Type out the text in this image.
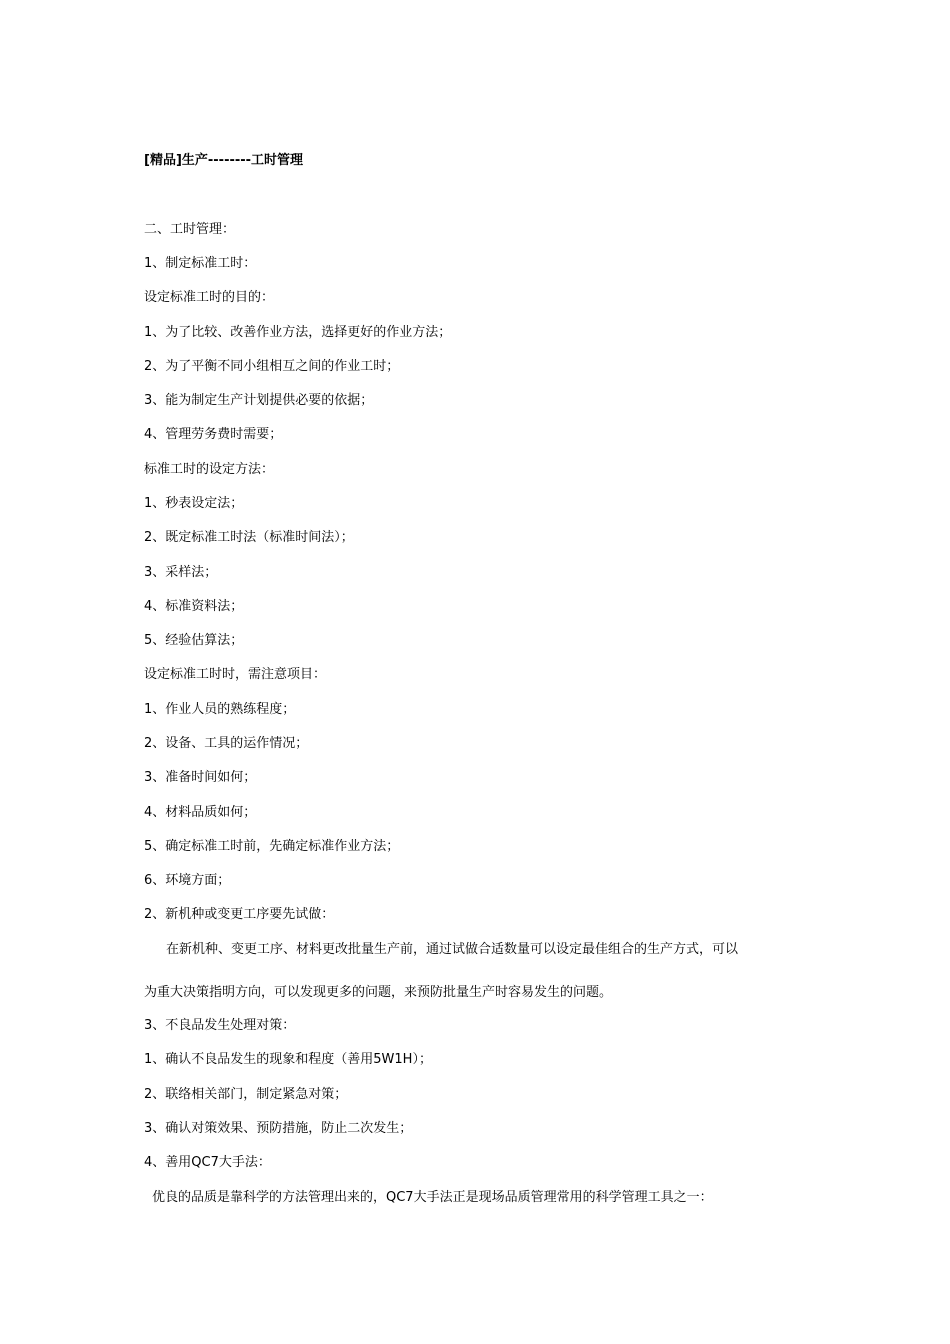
[精品]生产--------工时管理
二、工时管理：
1、制定标准工时：
设定标准工时的目的：
1、为了比较、改善作业方法，选择更好的作业方法；
2、为了平衡不同小组相互之间的作业工时；
3、能为制定生产计划提供必要的依据；
4、管理劳务费时需要；
标准工时的设定方法：
1、秒表设定法；
2、既定标准工时法（标准时间法）；
3、采样法；
4、标准资料法；
5、经验估算法；
设定标准工时时，需注意项目：
1、作业人员的熟练程度；
2、设备、工具的运作情况；
3、准备时间如何；
4、材料品质如何；
5、确定标准工时前，先确定标准作业方法；
6、环境方面；
2、新机种或变更工序要先试做：
在新机种、变更工序、材料更改批量生产前，通过试做合适数量可以设定最佳组合的生产方式，可以
为重大决策指明方向，可以发现更多的问题，来预防批量生产时容易发生的问题。
3、不良品发生处理对策：
1、确认不良品发生的现象和程度（善用5W1H）；
2、联络相关部门，制定紧急对策；
3、确认对策效果、预防措施，防止二次发生；
4、善用QC7大手法：
优良的品质是靠科学的方法管理出来的，QC7大手法正是现场品质管理常用的科学管理工具之一：
